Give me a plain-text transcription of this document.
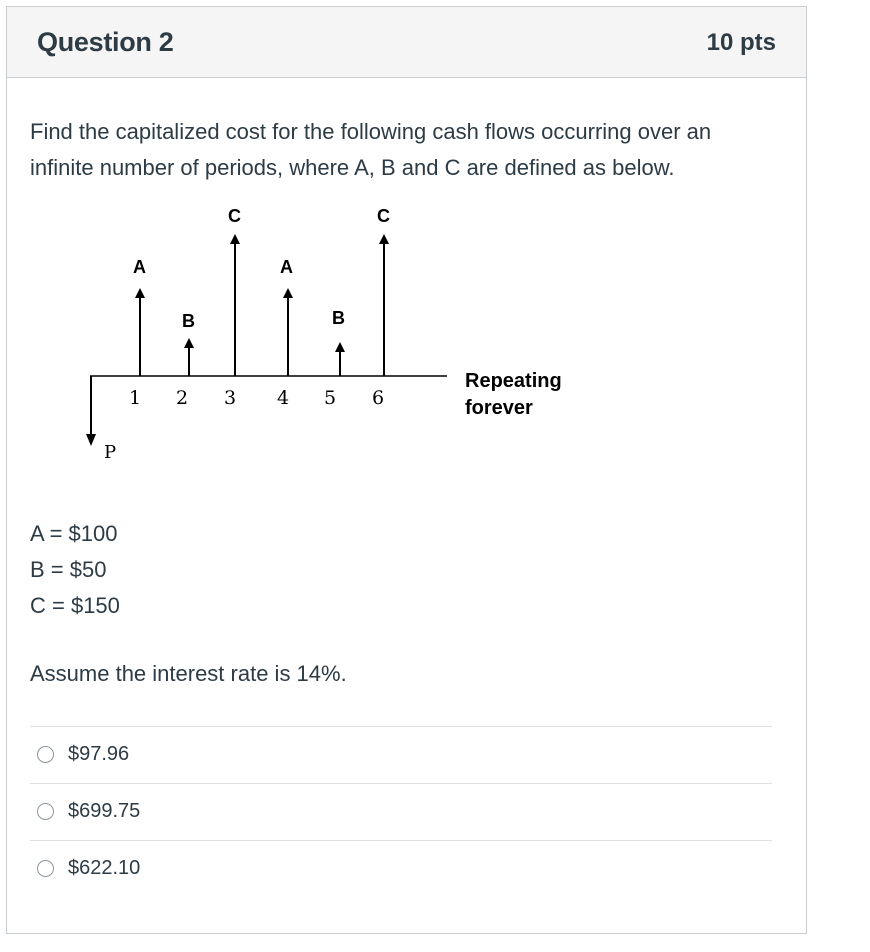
Question 2	10 pts
Find the capitalized cost for the following cash flows occurring over an infinite number of periods, where A, B and C are defined as below.
P
A
B
C
A
B
C
1 2 3 4 5 6
Repeating
forever
A = $100
B = $50
C = $150
Assume the interest rate is 14%.
$97.96
$699.75
$622.10
